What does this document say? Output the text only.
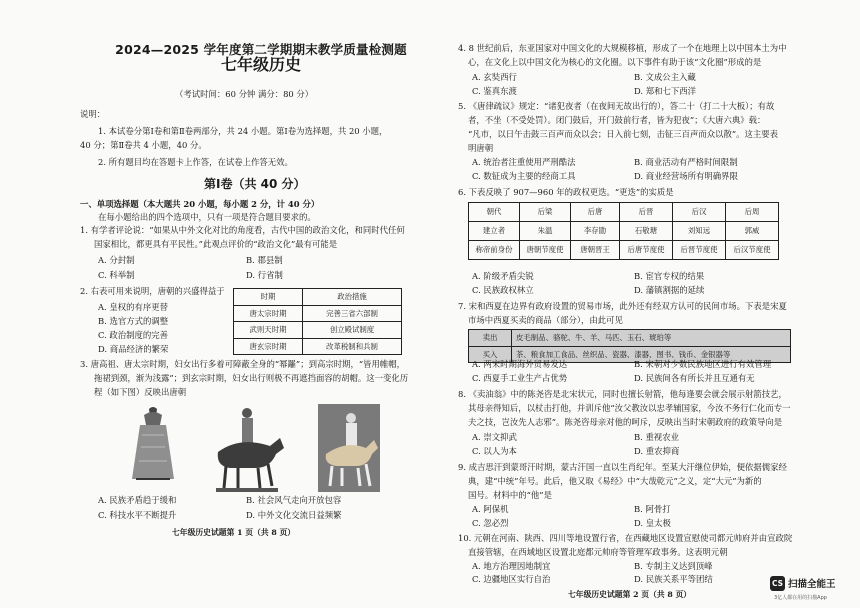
2024—2025 学年度第二学期期末教学质量检测题
七年级历史
（考试时间：60 分钟 满分：80 分）
说明：
1. 本试卷分第Ⅰ卷和第Ⅱ卷两部分，共 24 小题。第Ⅰ卷为选择题，共 20 小题，
40 分；第Ⅱ卷共 4 小题，40 分。
2. 所有题目均在答题卡上作答，在试卷上作答无效。
第Ⅰ卷（共 40 分）
一、单项选择题（本大题共 20 小题，每小题 2 分，计 40 分）
在每小题给出的四个选项中，只有一项是符合题目要求的。
1. 有学者评论说：“如果从中外文化对比的角度看，古代中国的政治文化，和同时代任何
国家相比，都更具有平民性。”此观点评价的“政治文化”最有可能是
A. 分封制	B. 郡县制
C. 科举制	D. 行省制
2. 右表可用来说明，唐朝的兴盛得益于
A. 皇权的有序更替
B. 选官方式的调整
C. 政治制度的完善
D. 商品经济的繁荣
时期	政治措施
唐太宗时期	完善三省六部制
武则天时期	创立殿试制度
唐玄宗时期	改革税制和兵制
3. 唐高祖、唐太宗时期，妇女出行多着可障蔽全身的“幂䍦”；到高宗时期，“皆用帷帽，
拖裙到颈，渐为浅露”；到玄宗时期，妇女出行则极不再遮挡面容的胡帽。这一变化历
程（如下图）反映出唐朝
A. 民族矛盾趋于缓和	B. 社会风气走向开放包容
C. 科技水平不断提升	D. 中外文化交流日益频繁
七年级历史试题第 1 页（共 8 页）
4. 8 世纪前后，东亚国家对中国文化的大规模移植，形成了一个在地理上以中国本土为中
心，在文化上以中国文化为核心的文化圈。以下事件有助于该“文化圈”形成的是
A. 玄奘西行	B. 文成公主入藏
C. 鉴真东渡	D. 郑和七下西洋
5. 《唐律疏议》规定：“诸犯夜者（在夜间无故出行的），答二十（打二十大板）；有故
者，不坐（不受处罚）。闭门鼓后，开门鼓前行者，皆为犯夜”；《大唐六典》载：
“凡市，以日午击鼓三百声而众以会；日入前七刻，击钲三百声而众以散”。这主要表
明唐朝
A. 统治者注重使用严刑酷法	B. 商业活动有严格时间限制
C. 数钲成为主要的经商工具	D. 商业经营场所有明确界限
6. 下表反映了 907—960 年的政权更迭。“更迭”的实质是
朝代	后梁	后唐	后晋	后汉	后周
建立者	朱温	李存勖	石敬瑭	刘知远	郭威
称帝前身份	唐朝节度使	唐朝晋王	后唐节度使	后晋节度使	后汉节度使
A. 阶级矛盾尖锐	B. 宦官专权的结果
C. 民族政权林立	D. 藩镇割据的延续
7. 宋和西夏在边界有政府设置的贸易市场，此外还有经双方认可的民间市场。下表是宋夏
市场中西夏买卖的商品（部分），由此可见
卖出	皮毛制品、骆驼、牛、羊、马匹、玉石、琥珀等
买入	茶、粮食加工食品、丝织品、瓷器、漆器、图书、钱币、金银器等
A. 两宋时期海外贸易发达	B. 宋朝对少数民族地区进行有效管理
C. 西夏手工业生产占优势	D. 民族间各有所长并且互通有无
8. 《卖油翁》中的陈尧咨是北宋状元，同时也擅长射箭，他每逢要会就会展示射箭技艺，
其母亲得知后，以杖击打他，并训斥他“汝父教汝以忠孝辅国家，今汝不务行仁化而专一
夫之技，岂汝先人志邪”。陈尧咨母亲对他的呵斥，反映出当时宋朝政府的政策导向是
A. 崇文抑武	B. 重视农业
C. 以人为本	D. 重农抑商
9. 成吉思汗到蒙哥汗时期，蒙古汗国一直以生肖纪年。至某大汗继位伊始，便依据儒家经
典，建“中统”年号。此后，他又取《易经》中“大哉乾元”之义，定“大元”为新的
国号。材料中的“他”是
A. 阿保机	B. 阿骨打
C. 忽必烈	D. 皇太极
10. 元朝在河南、陕西、四川等地设置行省，在西藏地区设置宣慰使司都元帅府并由宣政院
直接管辖，在西域地区设置北庭都元帅府等管理军政事务。这表明元朝
A. 地方治理因地制宜	B. 专制主义达到顶峰
C. 边疆地区实行自治	D. 民族关系平等团结
七年级历史试题第 2 页（共 8 页）
CS 扫描全能王
3亿人都在用的扫描App
